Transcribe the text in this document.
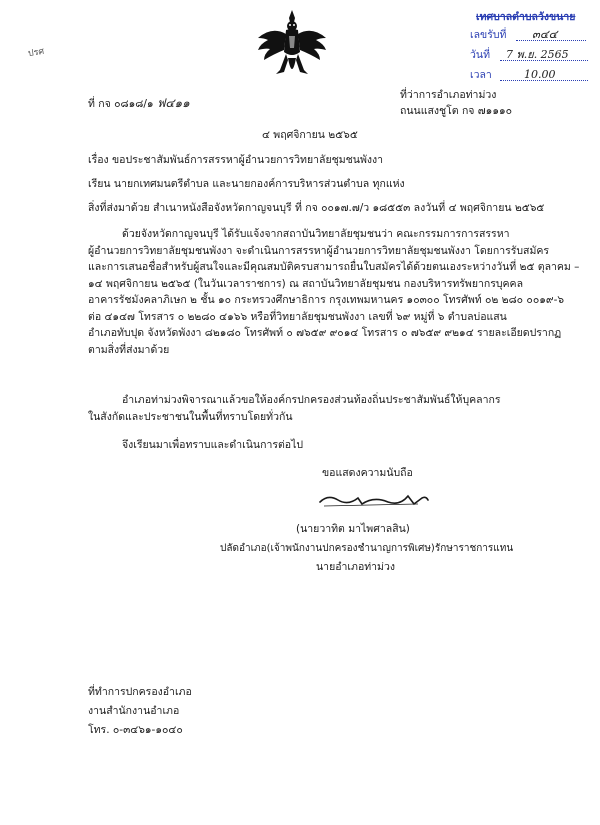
ปรศ
เทศบาลตำบลวังขนาย
เลขรับที่ ๓๔๔
วันที่ 7 พ.ย. 2565
เวลา	10.00
ที่ กจ ๐๘๑๘/๑ ฟ๔๑๑
ที่ว่าการอำเภอท่าม่วง
ถนนแสงชูโต กจ ๗๑๑๑๐
๔ พฤศจิกายน ๒๕๖๕
เรื่อง ขอประชาสัมพันธ์การสรรหาผู้อำนวยการวิทยาลัยชุมชนพังงา
เรียน นายกเทศมนตรีตำบล และนายกองค์การบริหารส่วนตำบล ทุกแห่ง
สิ่งที่ส่งมาด้วย สำเนาหนังสือจังหวัดกาญจนบุรี ที่ กจ ๐๐๑๗.๗/ว ๑๘๕๕๓ ลงวันที่ ๔ พฤศจิกายน ๒๕๖๕
ด้วยจังหวัดกาญจนบุรี ได้รับแจ้งจากสถาบันวิทยาลัยชุมชนว่า คณะกรรมการการสรรหา
ผู้อำนวยการวิทยาลัยชุมชนพังงา จะดำเนินการสรรหาผู้อำนวยการวิทยาลัยชุมชนพังงา โดยการรับสมัคร
และการเสนอชื่อสำหรับผู้สนใจและมีคุณสมบัติครบสามารถยื่นใบสมัครได้ด้วยตนเองระหว่างวันที่ ๒๕ ตุลาคม –
๑๔ พฤศจิกายน ๒๕๖๕ (ในวันเวลาราชการ) ณ สถาบันวิทยาลัยชุมชน กองบริหารทรัพยากรบุคคล
อาคารรัชมังคลาภิเษก ๒ ชั้น ๑๐ กระทรวงศึกษาธิการ กรุงเทพมหานคร ๑๐๓๐๐ โทรศัพท์ ๐๒ ๒๘๐ ๐๐๑๙-๖
ต่อ ๔๑๔๗ โทรสาร ๐ ๒๒๘๐ ๔๑๖๖ หรือที่วิทยาลัยชุมชนพังงา เลขที่ ๖๙ หมู่ที่ ๖ ตำบลบ่อแสน
อำเภอทับปุด จังหวัดพังงา ๘๒๑๘๐ โทรศัพท์ ๐ ๗๖๕๙ ๙๐๑๔ โทรสาร ๐ ๗๖๕๙ ๙๒๑๔ รายละเอียดปรากฏ
ตามสิ่งที่ส่งมาด้วย
อำเภอท่าม่วงพิจารณาแล้วขอให้องค์กรปกครองส่วนท้องถิ่นประชาสัมพันธ์ให้บุคลากร
ในสังกัดและประชาชนในพื้นที่ทราบโดยทั่วกัน
จึงเรียนมาเพื่อทราบและดำเนินการต่อไป
ขอแสดงความนับถือ
(นายวาทิต มาไพศาลสิน)
ปลัดอำเภอ(เจ้าพนักงานปกครองชำนาญการพิเศษ)รักษาราชการแทน
นายอำเภอท่าม่วง
ที่ทำการปกครองอำเภอ
งานสำนักงานอำเภอ
โทร. ๐-๓๔๖๑-๑๐๔๐
